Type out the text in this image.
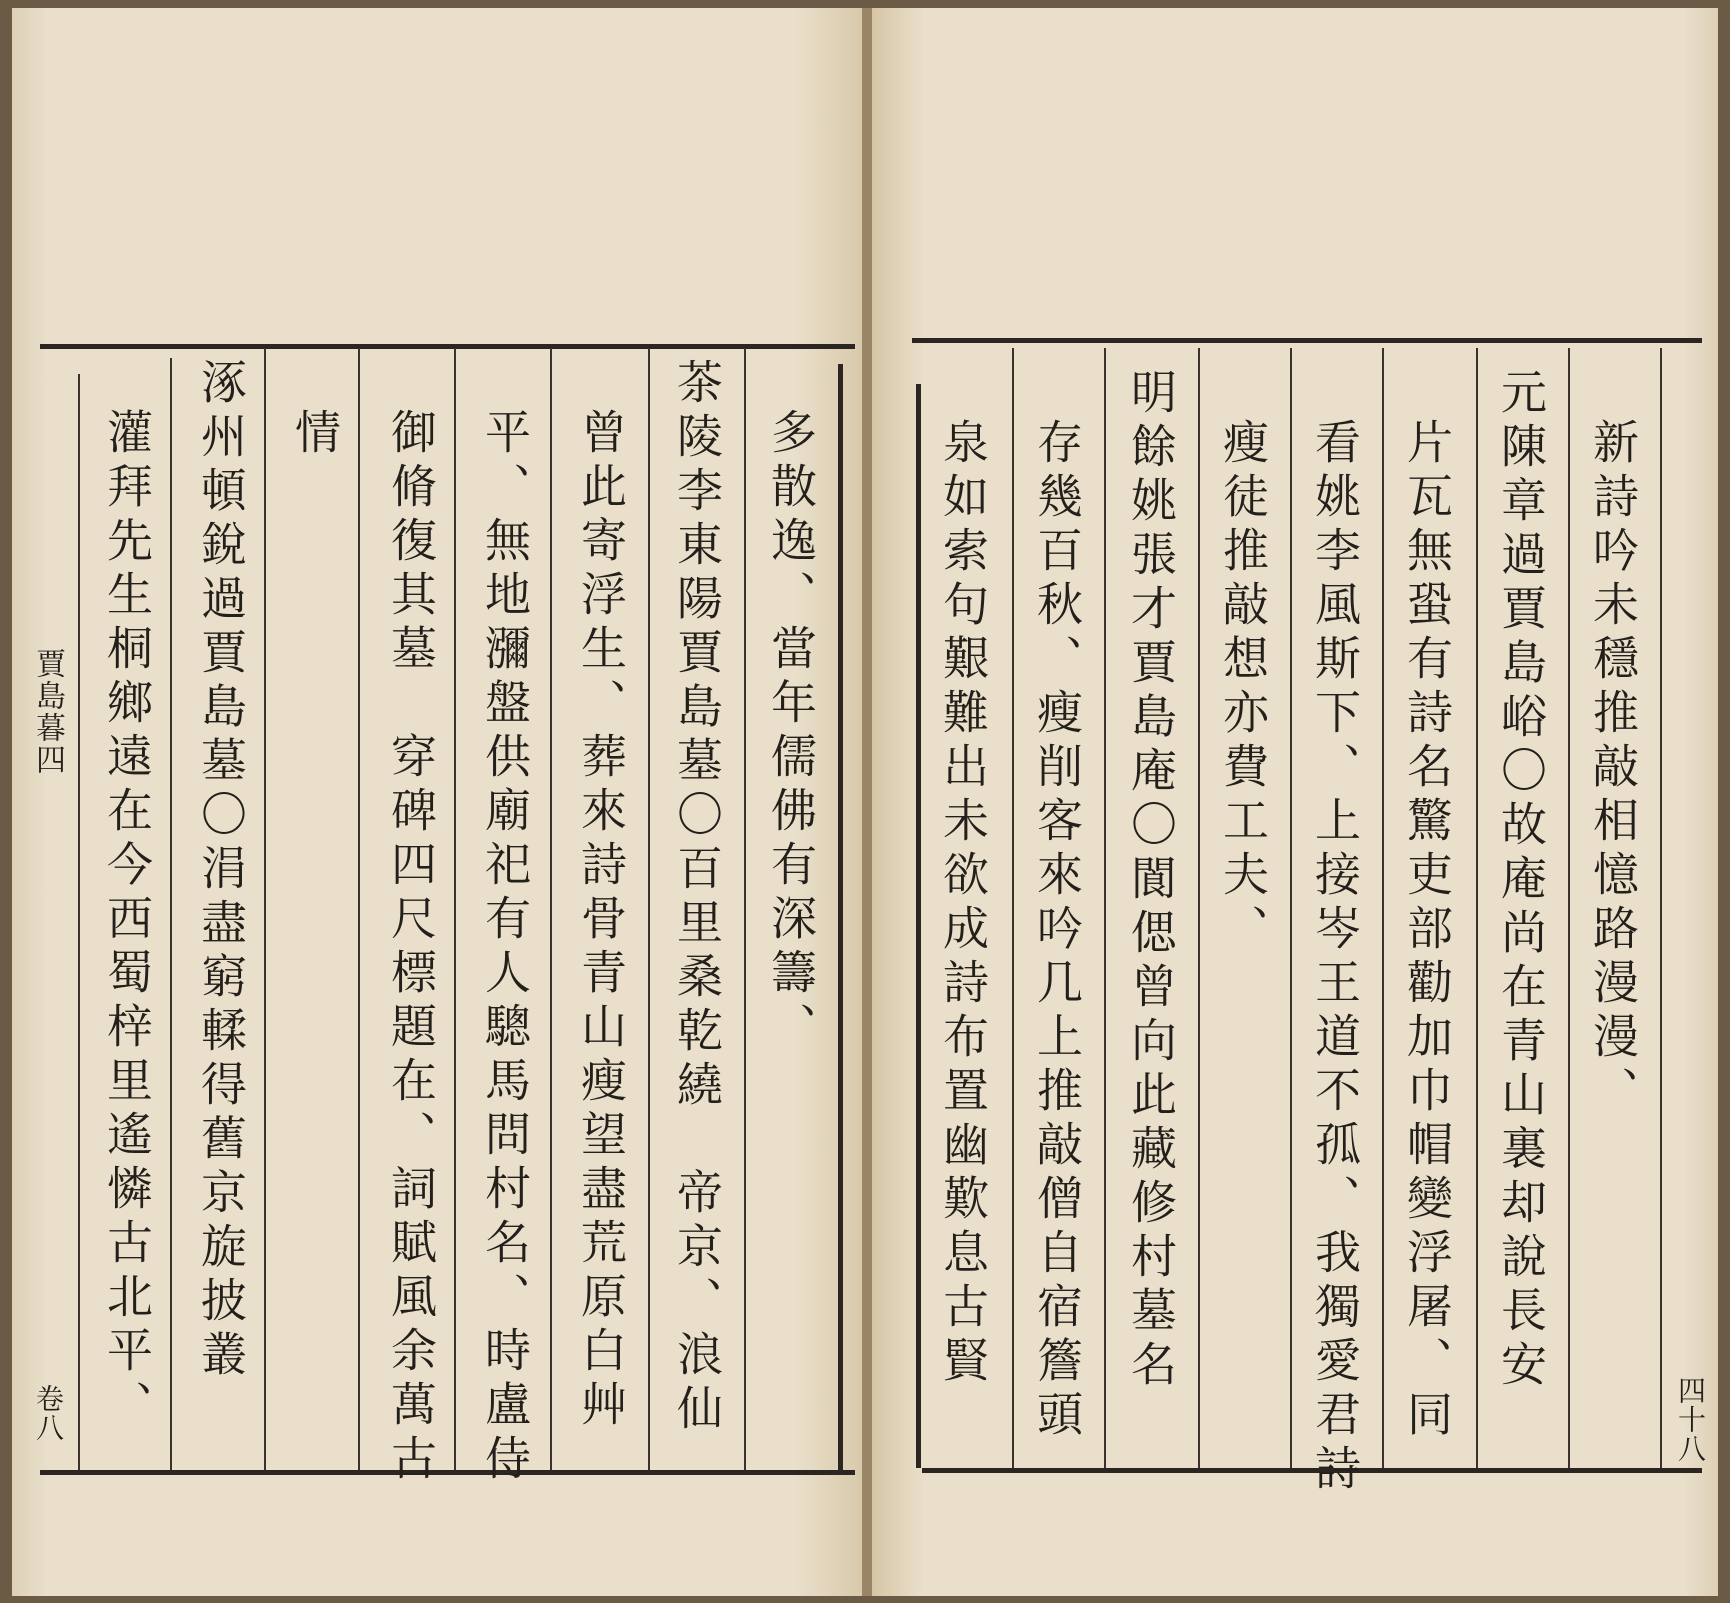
賈島暮四
卷八
多散逸、當年儒佛有深籌、
茶陵李東陽賈島墓〇百里桑乾繞　帝京、浪仙
曾此寄浮生、葬來詩骨青山瘦望盡荒原白艸
平、無地瀰盤供廟祀有人驄馬問村名、時盧侍
御脩復其墓　穿碑四尺標題在、詞賦風余萬古
情
涿州頓銳過賈島墓〇涓盡窮輮得舊京旋披叢
灌拜先生桐鄉遠在今西蜀梓里遙憐古北平、	新詩吟未穩推敲相憶路漫漫、
元陳章過賈島峪〇故庵尚在青山裏却說長安
片瓦無蛩有詩名驚吏部勸加巾帽變浮屠、同
看姚李風斯下、上接岑王道不孤、我獨愛君詩
瘦徒推敲想亦費工夫、
明餘姚張才賈島庵〇閬偲曾向此藏修村墓名
存幾百秋、瘦削客來吟几上推敲僧自宿簷頭
泉如索句艱難出未欲成詩布置幽歎息古賢
四十八
